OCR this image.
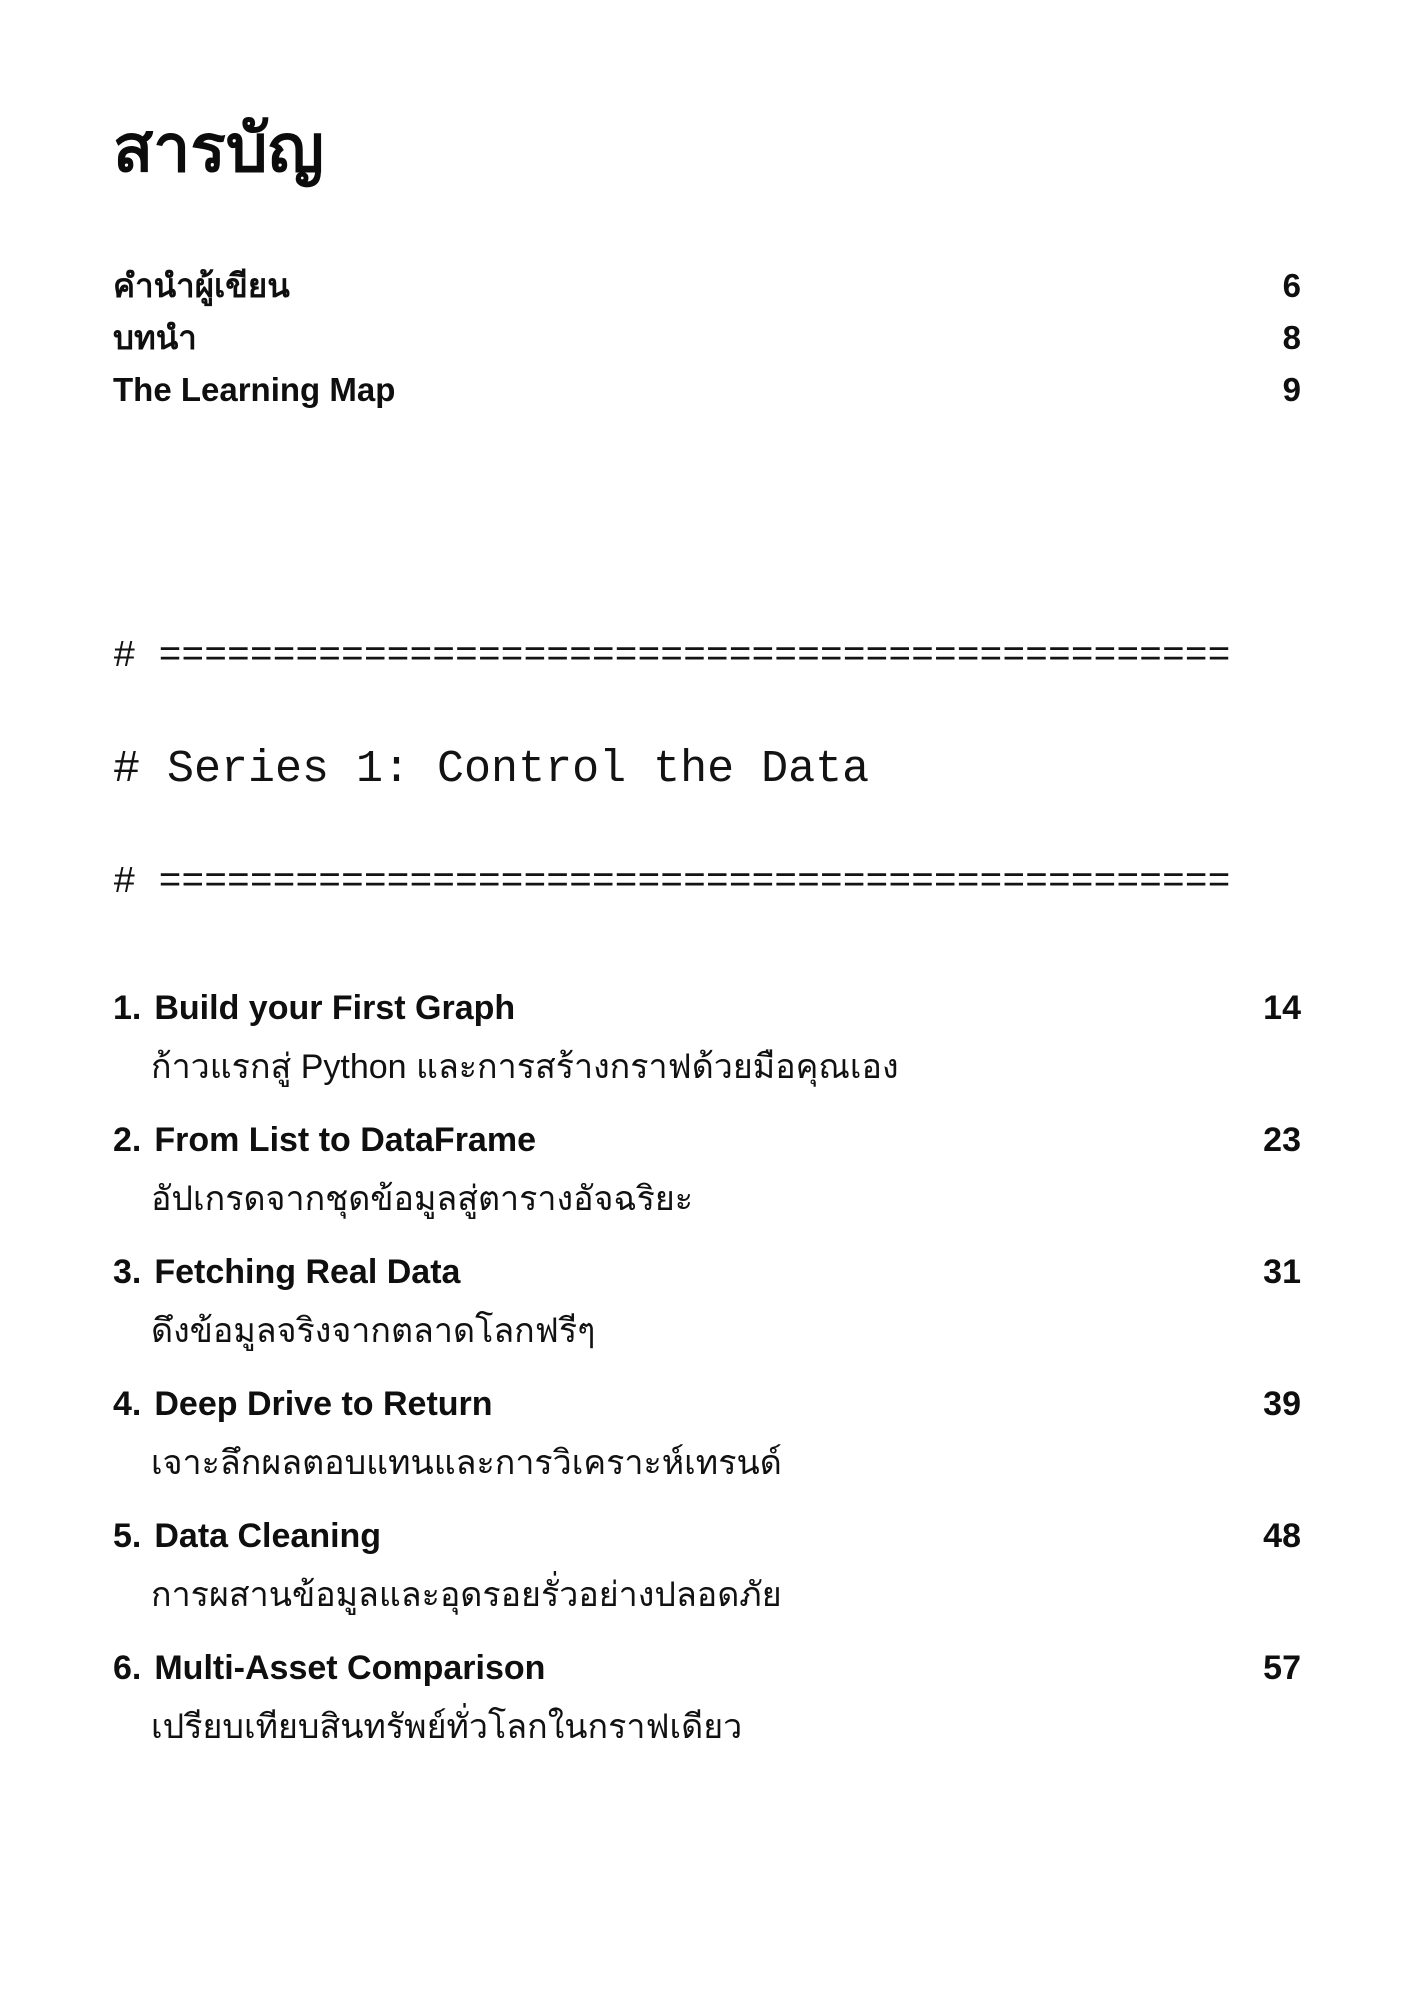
สารบัญ
คำนำผู้เขียน	6
บทนำ	8
The Learning Map	9

# ===============================================

# Series 1: Control the Data

# ===============================================

1. Build your First Graph	14
ก้าวแรกสู่ Python และการสร้างกราฟด้วยมือคุณเอง
2. From List to DataFrame	23
อัปเกรดจากชุดข้อมูลสู่ตารางอัจฉริยะ
3. Fetching Real Data	31
ดึงข้อมูลจริงจากตลาดโลกฟรีๆ
4. Deep Drive to Return	39
เจาะลึกผลตอบแทนและการวิเคราะห์เทรนด์
5. Data Cleaning	48
การผสานข้อมูลและอุดรอยรั่วอย่างปลอดภัย
6. Multi-Asset Comparison	57
เปรียบเทียบสินทรัพย์ทั่วโลกในกราฟเดียว
